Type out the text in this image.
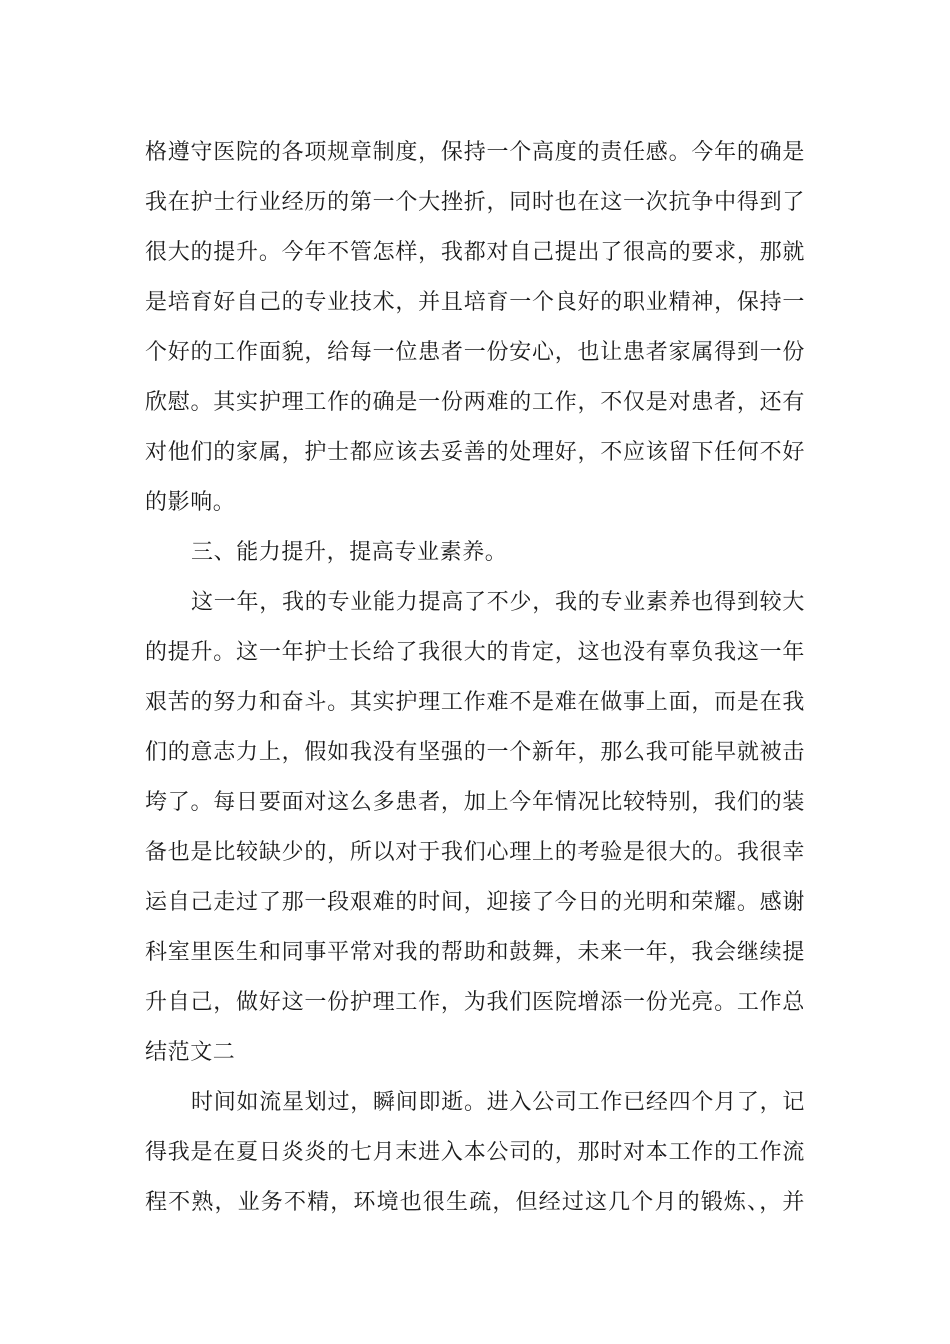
格遵守医院的各项规章制度，保持一个高度的责任感。今年的确是
我在护士行业经历的第一个大挫折，同时也在这一次抗争中得到了
很大的提升。今年不管怎样，我都对自己提出了很高的要求，那就
是培育好自己的专业技术，并且培育一个良好的职业精神，保持一
个好的工作面貌，给每一位患者一份安心，也让患者家属得到一份
欣慰。其实护理工作的确是一份两难的工作，不仅是对患者，还有
对他们的家属，护士都应该去妥善的处理好，不应该留下任何不好
的影响。
三、能力提升，提高专业素养。
这一年，我的专业能力提高了不少，我的专业素养也得到较大
的提升。这一年护士长给了我很大的肯定，这也没有辜负我这一年
艰苦的努力和奋斗。其实护理工作难不是难在做事上面，而是在我
们的意志力上，假如我没有坚强的一个新年，那么我可能早就被击
垮了。每日要面对这么多患者，加上今年情况比较特别，我们的装
备也是比较缺少的，所以对于我们心理上的考验是很大的。我很幸
运自己走过了那一段艰难的时间，迎接了今日的光明和荣耀。感谢
科室里医生和同事平常对我的帮助和鼓舞，未来一年，我会继续提
升自己，做好这一份护理工作，为我们医院增添一份光亮。工作总
结范文二
时间如流星划过，瞬间即逝。进入公司工作已经四个月了，记
得我是在夏日炎炎的七月末进入本公司的，那时对本工作的工作流
程不熟，业务不精，环境也很生疏，但经过这几个月的锻炼、，并
